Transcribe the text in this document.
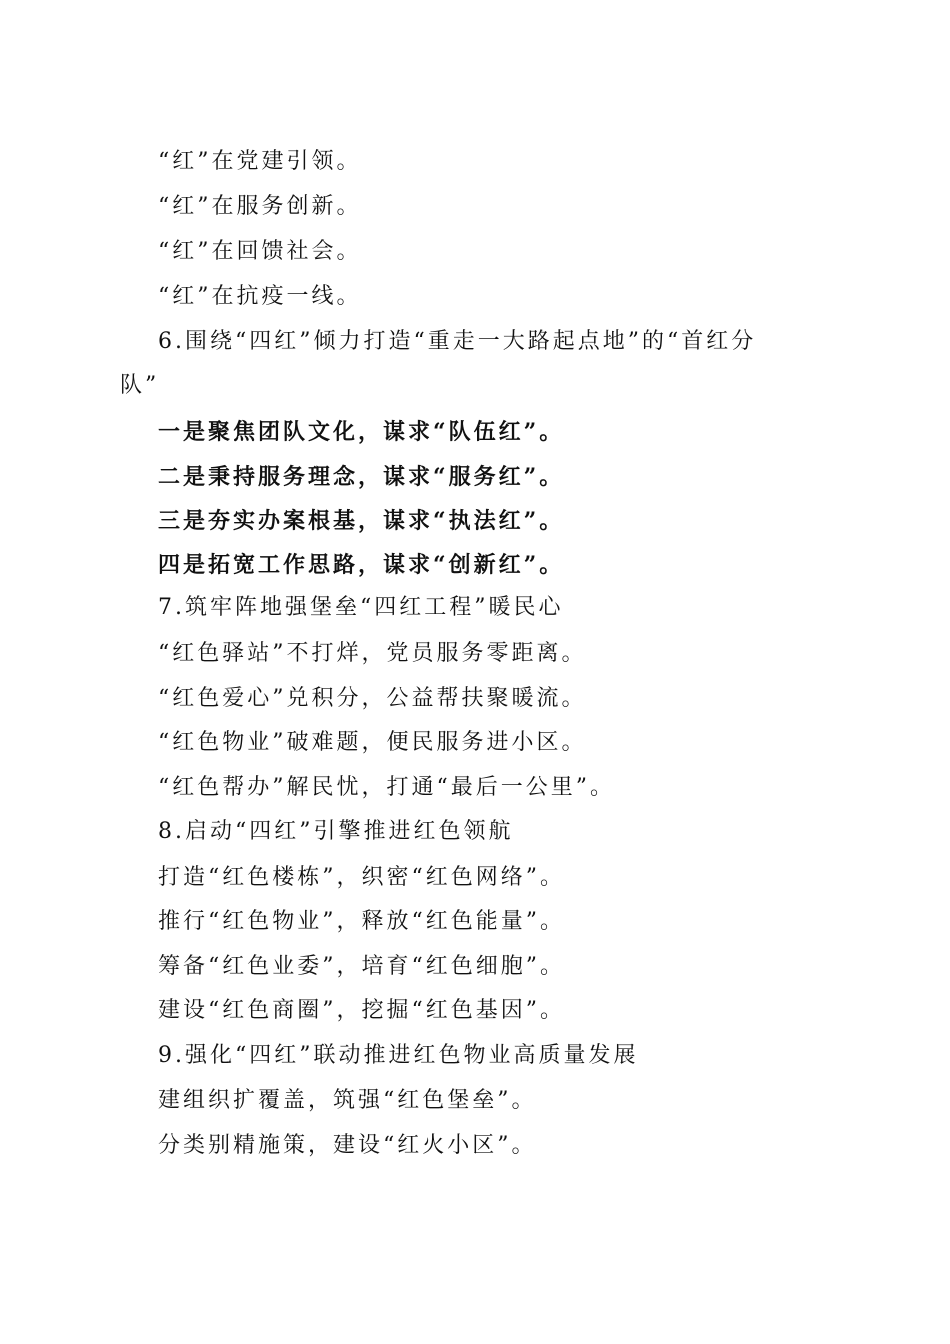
“红”在党建引领。
“红”在服务创新。
“红”在回馈社会。
“红”在抗疫一线。
6.围绕“四红”倾力打造“重走一大路起点地”的“首红分
队”
一是聚焦团队文化，谋求“队伍红”。
二是秉持服务理念，谋求“服务红”。
三是夯实办案根基，谋求“执法红”。
四是拓宽工作思路，谋求“创新红”。
7.筑牢阵地强堡垒“四红工程”暖民心
“红色驿站”不打烊，党员服务零距离。
“红色爱心”兑积分，公益帮扶聚暖流。
“红色物业”破难题，便民服务进小区。
“红色帮办”解民忧，打通“最后一公里”。
8.启动“四红”引擎推进红色领航
打造“红色楼栋”，织密“红色网络”。
推行“红色物业”，释放“红色能量”。
筹备“红色业委”，培育“红色细胞”。
建设“红色商圈”，挖掘“红色基因”。
9.强化“四红”联动推进红色物业高质量发展
建组织扩覆盖，筑强“红色堡垒”。
分类别精施策，建设“红火小区”。
